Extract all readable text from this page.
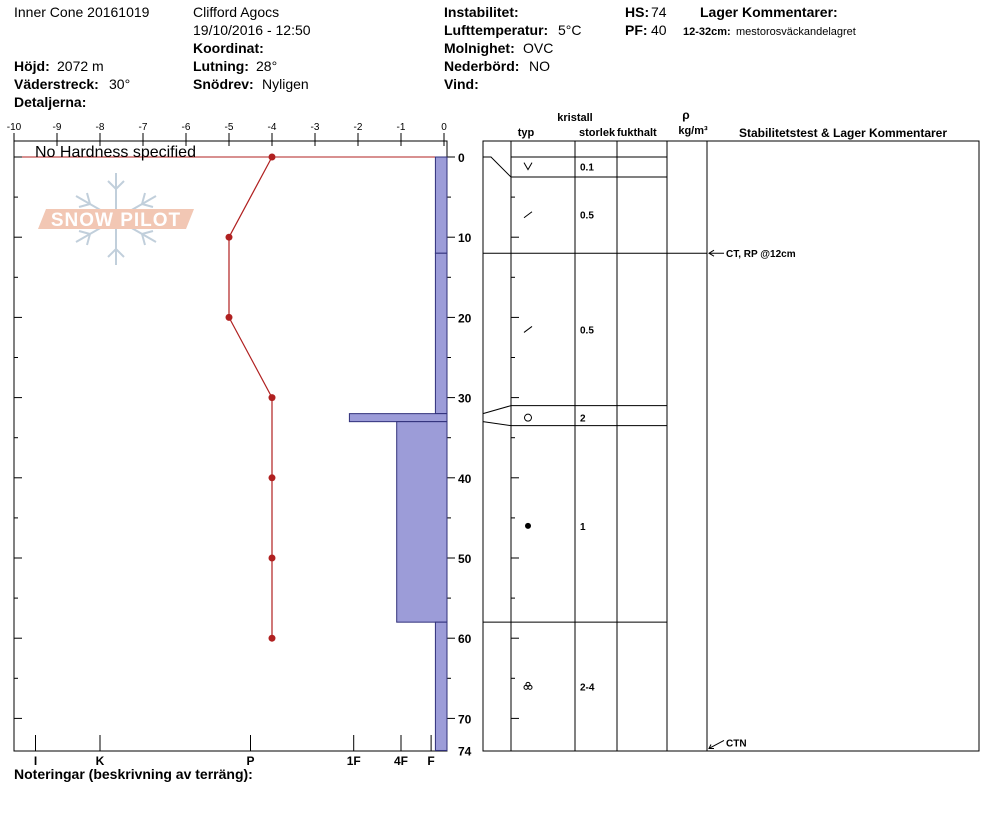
Inner Cone 20161019	Clifford Agocs
19/10/2016 - 12:50
Koordinat:
Höjd: 2072 m	Lutning: 28°
Väderstreck: 30°	Snödrev: Nyligen
Detaljerna:
Instabilitet:
Lufttemperatur: 5°C
Molnighet: OVC
Nederbörd: NO
Vind:
HS: 74
PF: 40
Lager Kommentarer:
12-32cm: mestorosväckandelagret
Noteringar (beskrivning av terräng):
SNOW PILOT
-10	-9	-8	-7	-6	-5	-4	-3	-2	-1	0
0
10
20
30
40
50
60
70
74
I	K	P	1F	4F F
No Hardness specified
kristall
typ	storlek fukthalt
ρ
kg/m³	Stabilitetstest & Lager Kommentarer
0.1
0.5
0.5
2
1
2-4
CT, RP @12cm
CTN
